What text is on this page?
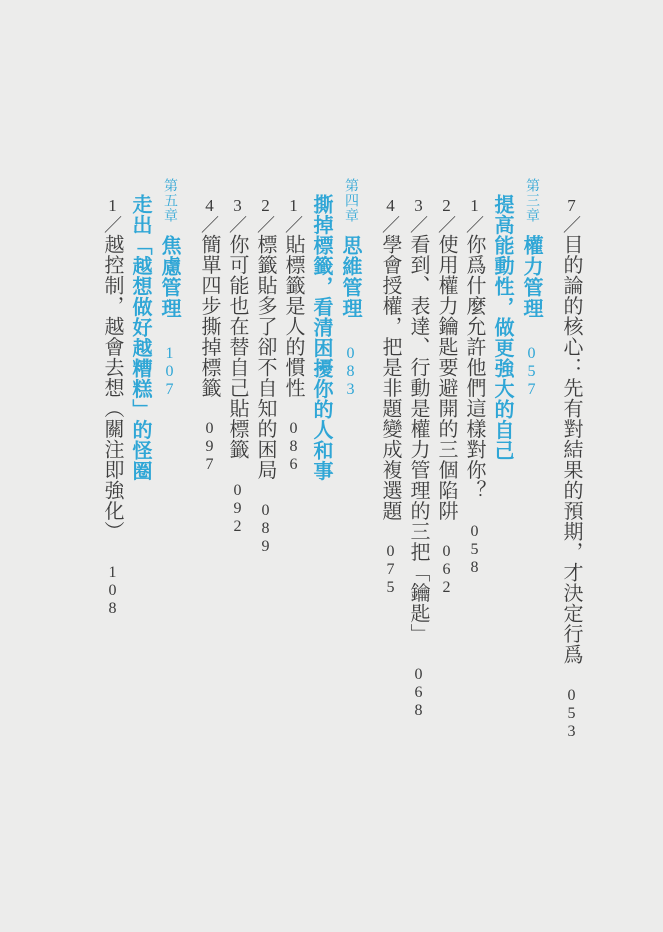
7／目的論的核心：先有對結果的預期，才決定行爲053
第三章權力管理057
提高能動性，做更強大的自己
1／你爲什麼允許他們這樣對你？058
2／使用權力鑰匙要避開的三個陷阱062
3／看到、表達、行動是權力管理的三把「鑰匙」068
4／學會授權，把是非題變成複選題075
第四章思維管理083
撕掉標籤，看清困擾你的人和事
1／貼標籤是人的慣性086
2／標籤貼多了卻不自知的困局089
3／你可能也在替自己貼標籤092
4／簡單四步撕掉標籤097
第五章焦慮管理107
走出「越想做好越糟糕」的怪圈
1／越控制，越會去想（關注即強化）108
